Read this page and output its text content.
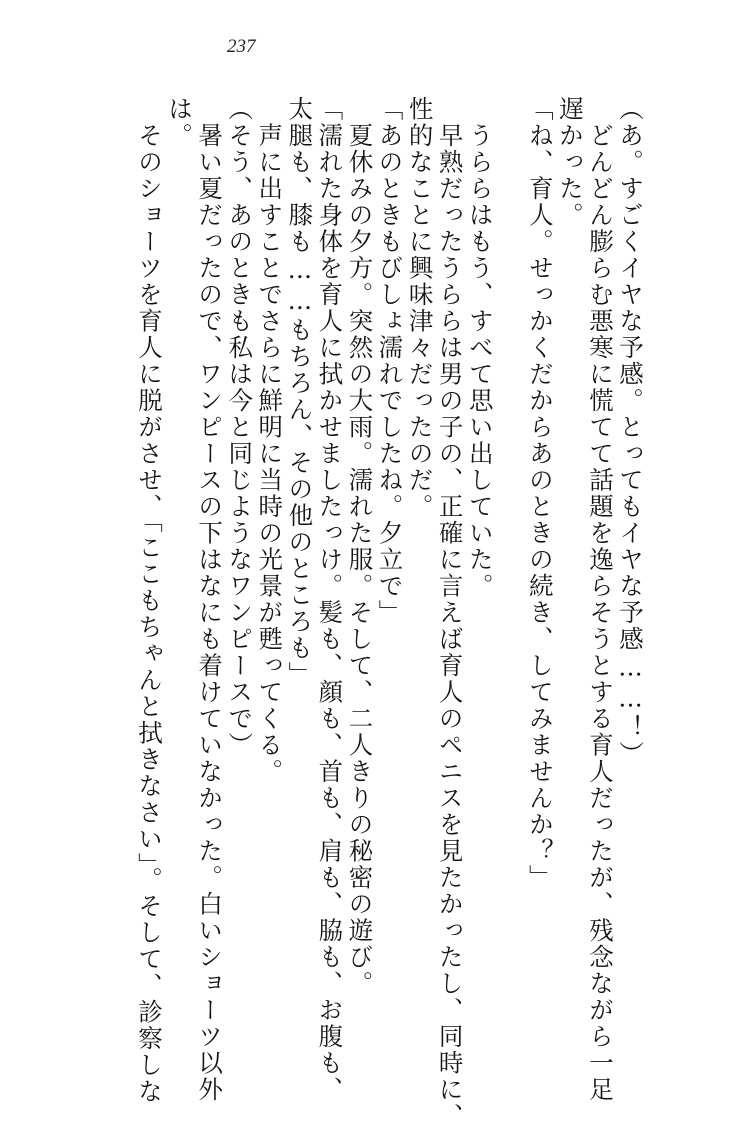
237
（あ。すごくイヤな予感。とってもイヤな予感……！）
　どんどん膨らむ悪寒に慌てて話題を逸らそうとする育人だったが、残念ながら一足
遅かった。
「ね、育人。せっかくだからあのときの続き、してみませんか？」
　うららはもう、すべて思い出していた。
　早熟だったうららは男の子の、正確に言えば育人のペニスを見たかったし、同時に、
性的なことに興味津々だったのだ。
「あのときもびしょ濡れでしたね。夕立で」
　夏休みの夕方。突然の大雨。濡れた服。そして、二人きりの秘密の遊び。
「濡れた身体を育人に拭かせましたっけ。髪も、顔も、首も、肩も、脇も、お腹も、
太腿も、膝も……もちろん、その他のところも」
　声に出すことでさらに鮮明に当時の光景が甦ってくる。
（そう、あのときも私は今と同じようなワンピースで）
　暑い夏だったので、ワンピースの下はなにも着けていなかった。白いショーツ以外
は。
　そのショーツを育人に脱がさせ、「ここもちゃんと拭きなさい」。そして、診察しな
